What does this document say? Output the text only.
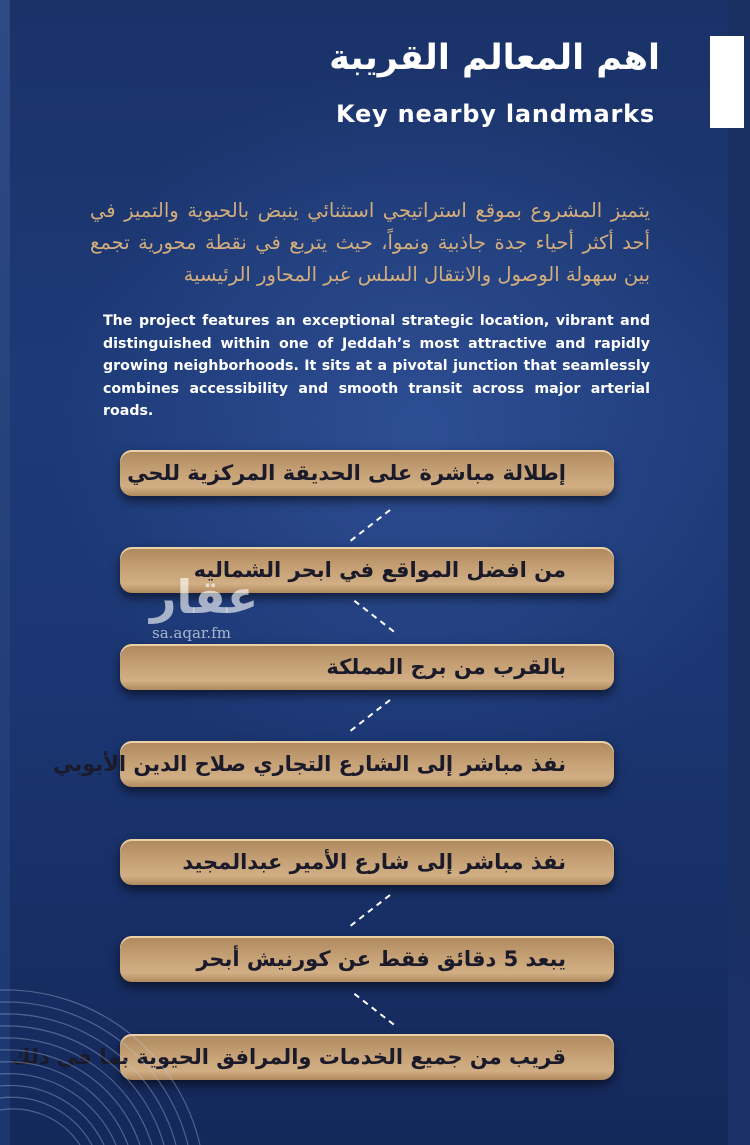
اهم المعالم القريبة
Key nearby landmarks

يتميز المشروع بموقع استراتيجي استثنائي ينبض بالحيوية والتميز في أحد أكثر أحياء جدة جاذبية ونمواً، حيث يتربع في نقطة محورية تجمع بين سهولة الوصول والانتقال السلس عبر المحاور الرئيسية

The project features an exceptional strategic location, vibrant and distinguished within one of Jeddah’s most attractive and rapidly growing neighborhoods. It sits at a pivotal junction that seamlessly combines accessibility and smooth transit across major arterial roads.

إطلالة مباشرة على الحديقة المركزية للحي
من افضل المواقع في ابحر الشماليه
بالقرب من برج المملكة
نفذ مباشر إلى الشارع التجاري صلاح الدين الأيوبي
نفذ مباشر إلى شارع الأمير عبدالمجيد
يبعد 5 دقائق فقط عن كورنيش أبحر
قريب من جميع الخدمات والمرافق الحيوية بما في ذلك
عقار
sa.aqar.fm
